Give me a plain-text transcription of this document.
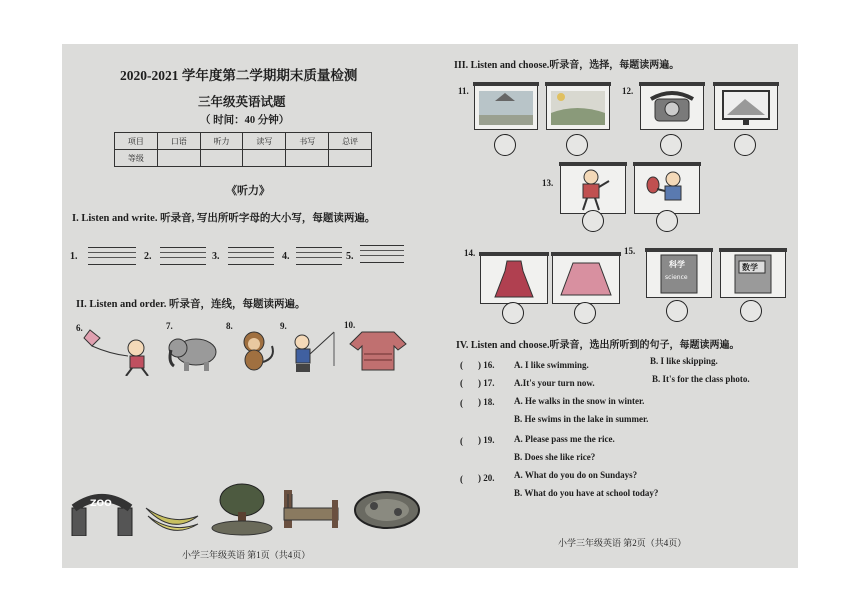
2020-2021 学年度第二学期期末质量检测
三年级英语试题
（ 时间：40 分钟）
项目	口语	听力	读写	书写	总评
等级					
《听力》
I. Listen and write. 听录音, 写出所听字母的大小写，每题读两遍。
1.	2.	3.	4.	5.
II. Listen and order. 听录音，连线，每题读两遍。
6.	7.	8.	9.	10.
ZOO
小学三年级英语 第1页（共4页）
III. Listen and choose.听录音，选择，每题读两遍。
11.	12.
13.
14.	15.
科学
science
数学
IV. Listen and choose.听录音，选出所听到的句子，每题读两遍。
( ) 16. A. I like swimming.	B. I like skipping.
( ) 17. A.It's your turn now.	B. It's for the class photo.
( ) 18. A. He walks in the snow in winter.
B. He swims in the lake in summer.
( ) 19. A. Please pass me the rice.
B. Does she like rice?
( ) 20. A. What do you do on Sundays?
B. What do you have at school today?
小学三年级英语 第2页（共4页）
